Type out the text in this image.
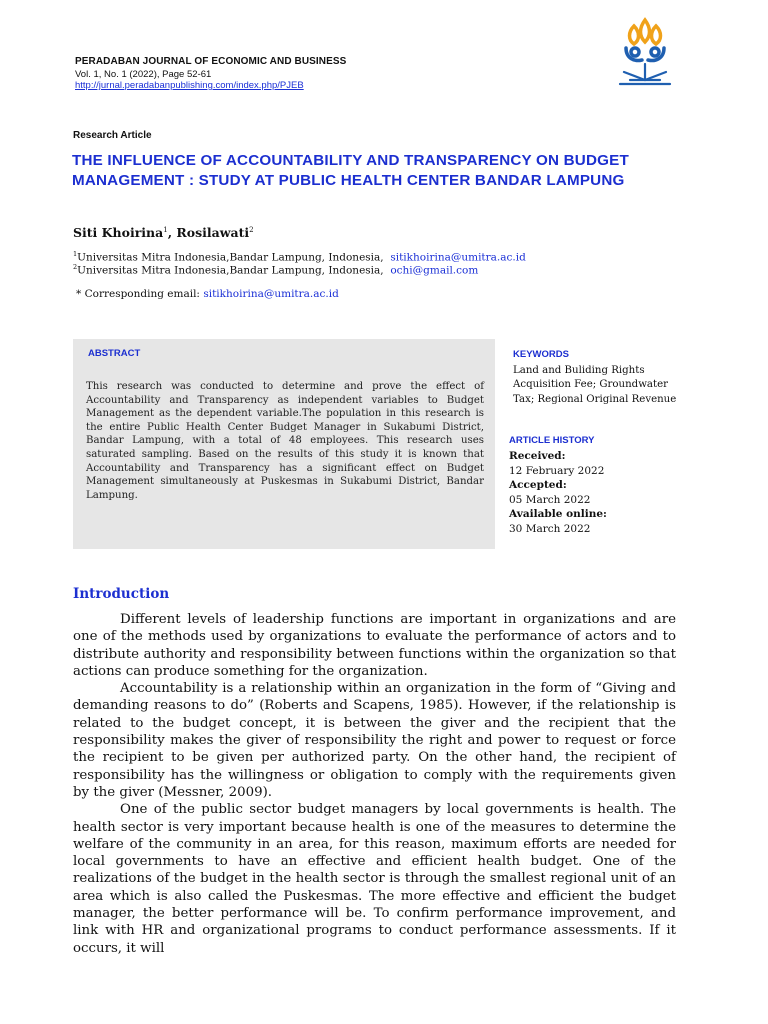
PERADABAN JOURNAL OF ECONOMIC AND BUSINESS
Vol. 1, No. 1 (2022), Page 52-61
http://jurnal.peradabanpublishing.com/index.php/PJEB
Research Article
THE INFLUENCE OF ACCOUNTABILITY AND TRANSPARENCY ON BUDGET MANAGEMENT : STUDY AT PUBLIC HEALTH CENTER BANDAR LAMPUNG
Siti Khoirina$^1$, Rosilawati$^2$
$^1$Universitas Mitra Indonesia,Bandar Lampung, Indonesia, sitikhoirina@umitra.ac.id
$^2$Universitas Mitra Indonesia,Bandar Lampung, Indonesia, ochi@gmail.com
* Corresponding email: sitikhoirina@umitra.ac.id
ABSTRACT
This research was conducted to determine and prove the effect of Accountability and Transparency as independent variables to Budget Management as the dependent variable.The population in this research is the entire Public Health Center Budget Manager in Sukabumi District, Bandar Lampung, with a total of 48 employees. This research uses saturated sampling. Based on the results of this study it is known that Accountability and Transparency has a significant effect on Budget Management simultaneously at Puskesmas in Sukabumi District, Bandar Lampung.
KEYWORDS
Land and Buliding Rights Acquisition Fee; Groundwater Tax; Regional Original Revenue
ARTICLE HISTORY
Received:
12 February 2022
Accepted:
05 March 2022
Available online:
30 March 2022
Introduction

Different levels of leadership functions are important in organizations and are one of the methods used by organizations to evaluate the performance of actors and to distribute authority and responsibility between functions within the organization so that actions can produce something for the organization.

Accountability is a relationship within an organization in the form of “Giving and demanding reasons to do” (Roberts and Scapens, 1985). However, if the relationship is related to the budget concept, it is between the giver and the recipient that the responsibility makes the giver of responsibility the right and power to request or force the recipient to be given per authorized party. On the other hand, the recipient of responsibility has the willingness or obligation to comply with the requirements given by the giver (Messner, 2009).

One of the public sector budget managers by local governments is health. The health sector is very important because health is one of the measures to determine the welfare of the community in an area, for this reason, maximum efforts are needed for local governments to have an effective and efficient health budget. One of the realizations of the budget in the health sector is through the smallest regional unit of an area which is also called the Puskesmas. The more effective and efficient the budget manager, the better performance will be. To confirm performance improvement, and link with HR and organizational programs to conduct performance assessments. If it occurs, it will
